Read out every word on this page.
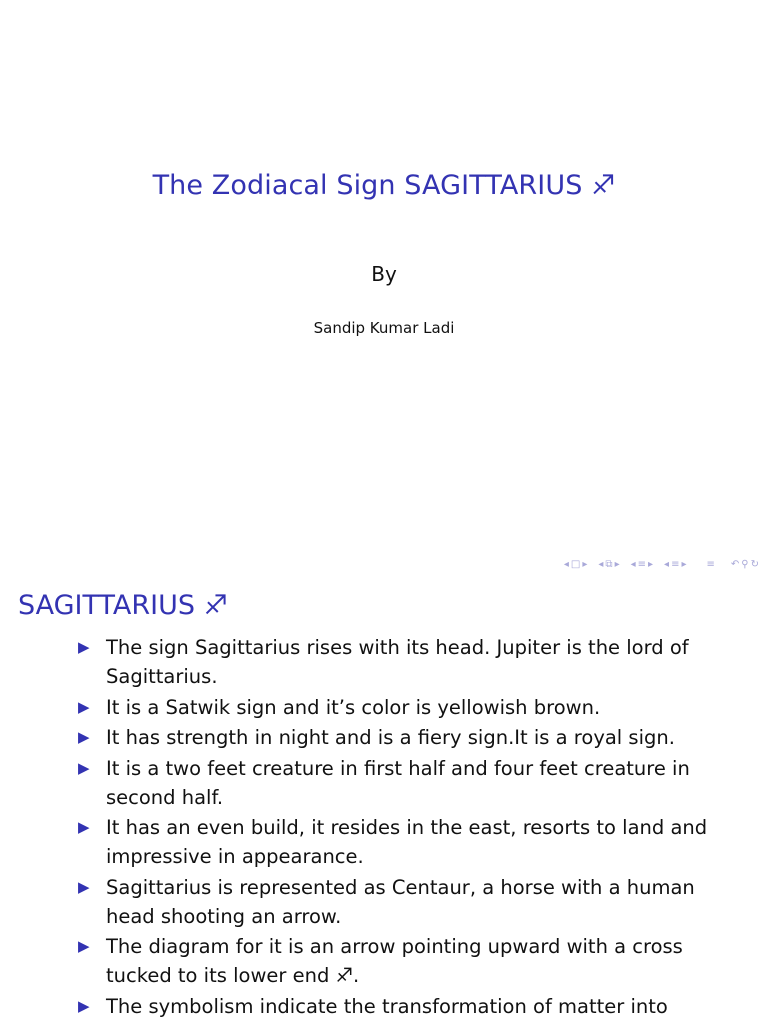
The Zodiacal Sign SAGITTARIUS ♐
By
Sandip Kumar Ladi
◂ □ ▸ ◂ ⧉ ▸ ◂ ≡ ▸ ◂ ≡ ▸ ≡ ↶ ⚲ ↻
SAGITTARIUS ♐
▶ The sign Sagittarius rises with its head. Jupiter is the lord of Sagittarius.
▶ It is a Satwik sign and it’s color is yellowish brown.
▶ It has strength in night and is a fiery sign.It is a royal sign.
▶ It is a two feet creature in first half and four feet creature in second half.
▶ It has an even build, it resides in the east, resorts to land and impressive in appearance.
▶ Sagittarius is represented as Centaur, a horse with a human head shooting an arrow.
▶ The diagram for it is an arrow pointing upward with a cross tucked to its lower end ♐.
▶ The symbolism indicate the transformation of matter into
